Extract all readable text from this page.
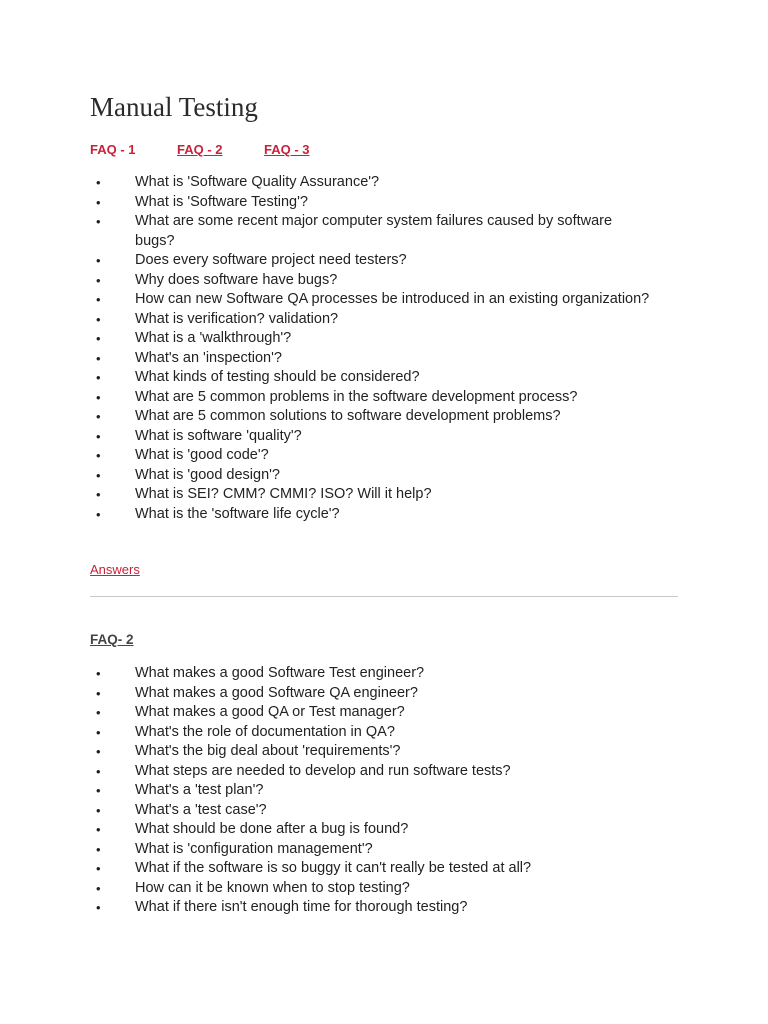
Manual Testing
FAQ - 1	FAQ - 2	FAQ - 3
• What is 'Software Quality Assurance'?
• What is 'Software Testing'?
• What are some recent major computer system failures caused by software bugs?
• Does every software project need testers?
• Why does software have bugs?
• How can new Software QA processes be introduced in an existing organization?
• What is verification? validation?
• What is a 'walkthrough'?
• What's an 'inspection'?
• What kinds of testing should be considered?
• What are 5 common problems in the software development process?
• What are 5 common solutions to software development problems?
• What is software 'quality'?
• What is 'good code'?
• What is 'good design'?
• What is SEI? CMM? CMMI? ISO? Will it help?
• What is the 'software life cycle'?
Answers
FAQ- 2
• What makes a good Software Test engineer?
• What makes a good Software QA engineer?
• What makes a good QA or Test manager?
• What's the role of documentation in QA?
• What's the big deal about 'requirements'?
• What steps are needed to develop and run software tests?
• What's a 'test plan'?
• What's a 'test case'?
• What should be done after a bug is found?
• What is 'configuration management'?
• What if the software is so buggy it can't really be tested at all?
• How can it be known when to stop testing?
• What if there isn't enough time for thorough testing?
